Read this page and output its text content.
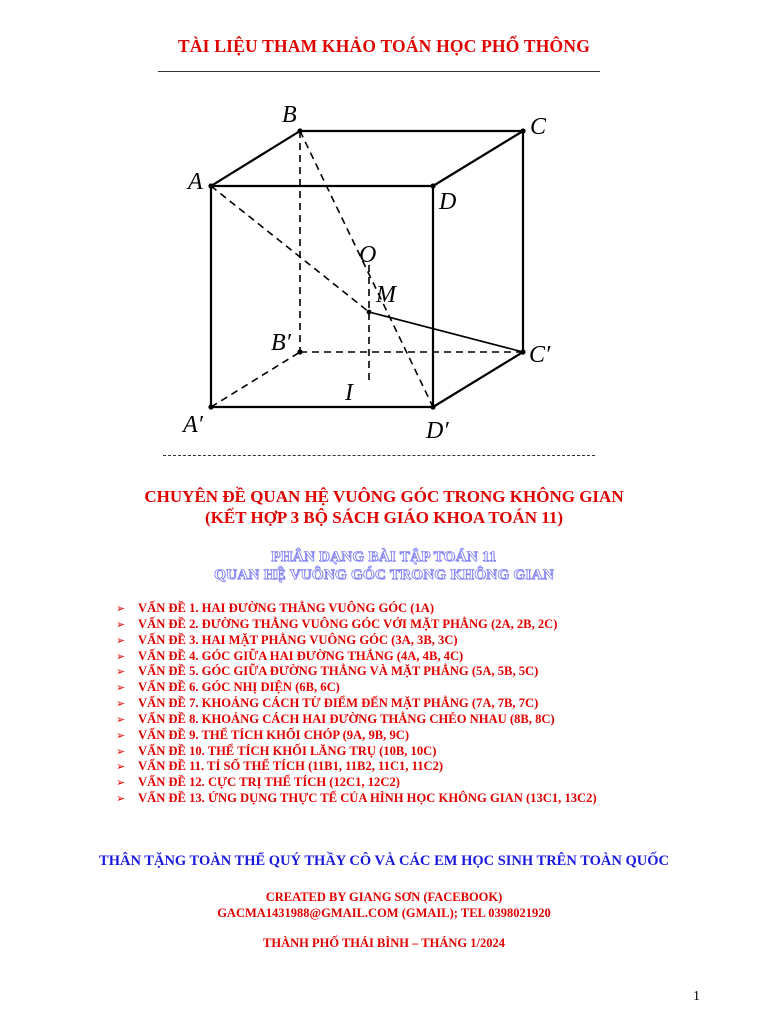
TÀI LIỆU THAM KHẢO TOÁN HỌC PHỔ THÔNG
A
B	C
D
A′
B′	C′
D′
O
M
I
CHUYÊN ĐỀ QUAN HỆ VUÔNG GÓC TRONG KHÔNG GIAN
(KẾT HỢP 3 BỘ SÁCH GIÁO KHOA TOÁN 11)
PHÂN DẠNG BÀI TẬP TOÁN 11
QUAN HỆ VUÔNG GÓC TRONG KHÔNG GIAN
➢ VẤN ĐỀ 1. HAI ĐƯỜNG THẲNG VUÔNG GÓC (1A)
➢ VẤN ĐỀ 2. ĐƯỜNG THẲNG VUÔNG GÓC VỚI MẶT PHẲNG (2A, 2B, 2C)
➢ VẤN ĐỀ 3. HAI MẶT PHẲNG VUÔNG GÓC (3A, 3B, 3C)
➢ VẤN ĐỀ 4. GÓC GIỮA HAI ĐƯỜNG THẲNG (4A, 4B, 4C)
➢ VẤN ĐỀ 5. GÓC GIỮA ĐƯỜNG THẲNG VÀ MẶT PHẲNG (5A, 5B, 5C)
➢ VẤN ĐỀ 6. GÓC NHỊ DIỆN (6B, 6C)
➢ VẤN ĐỀ 7. KHOẢNG CÁCH TỪ ĐIỂM ĐẾN MẶT PHẲNG (7A, 7B, 7C)
➢ VẤN ĐỀ 8. KHOẢNG CÁCH HAI ĐƯỜNG THẲNG CHÉO NHAU (8B, 8C)
➢ VẤN ĐỀ 9. THỂ TÍCH KHỐI CHÓP (9A, 9B, 9C)
➢ VẤN ĐỀ 10. THỂ TÍCH KHỐI LĂNG TRỤ (10B, 10C)
➢ VẤN ĐỀ 11. TỈ SỐ THỂ TÍCH (11B1, 11B2, 11C1, 11C2)
➢ VẤN ĐỀ 12. CỰC TRỊ THỂ TÍCH (12C1, 12C2)
➢ VẤN ĐỀ 13. ỨNG DỤNG THỰC TẾ CỦA HÌNH HỌC KHÔNG GIAN (13C1, 13C2)
THÂN TẶNG TOÀN THỂ QUÝ THẦY CÔ VÀ CÁC EM HỌC SINH TRÊN TOÀN QUỐC
CREATED BY GIANG SƠN (FACEBOOK)
GACMA1431988@GMAIL.COM (GMAIL); TEL 0398021920
THÀNH PHỐ THÁI BÌNH – THÁNG 1/2024
1
